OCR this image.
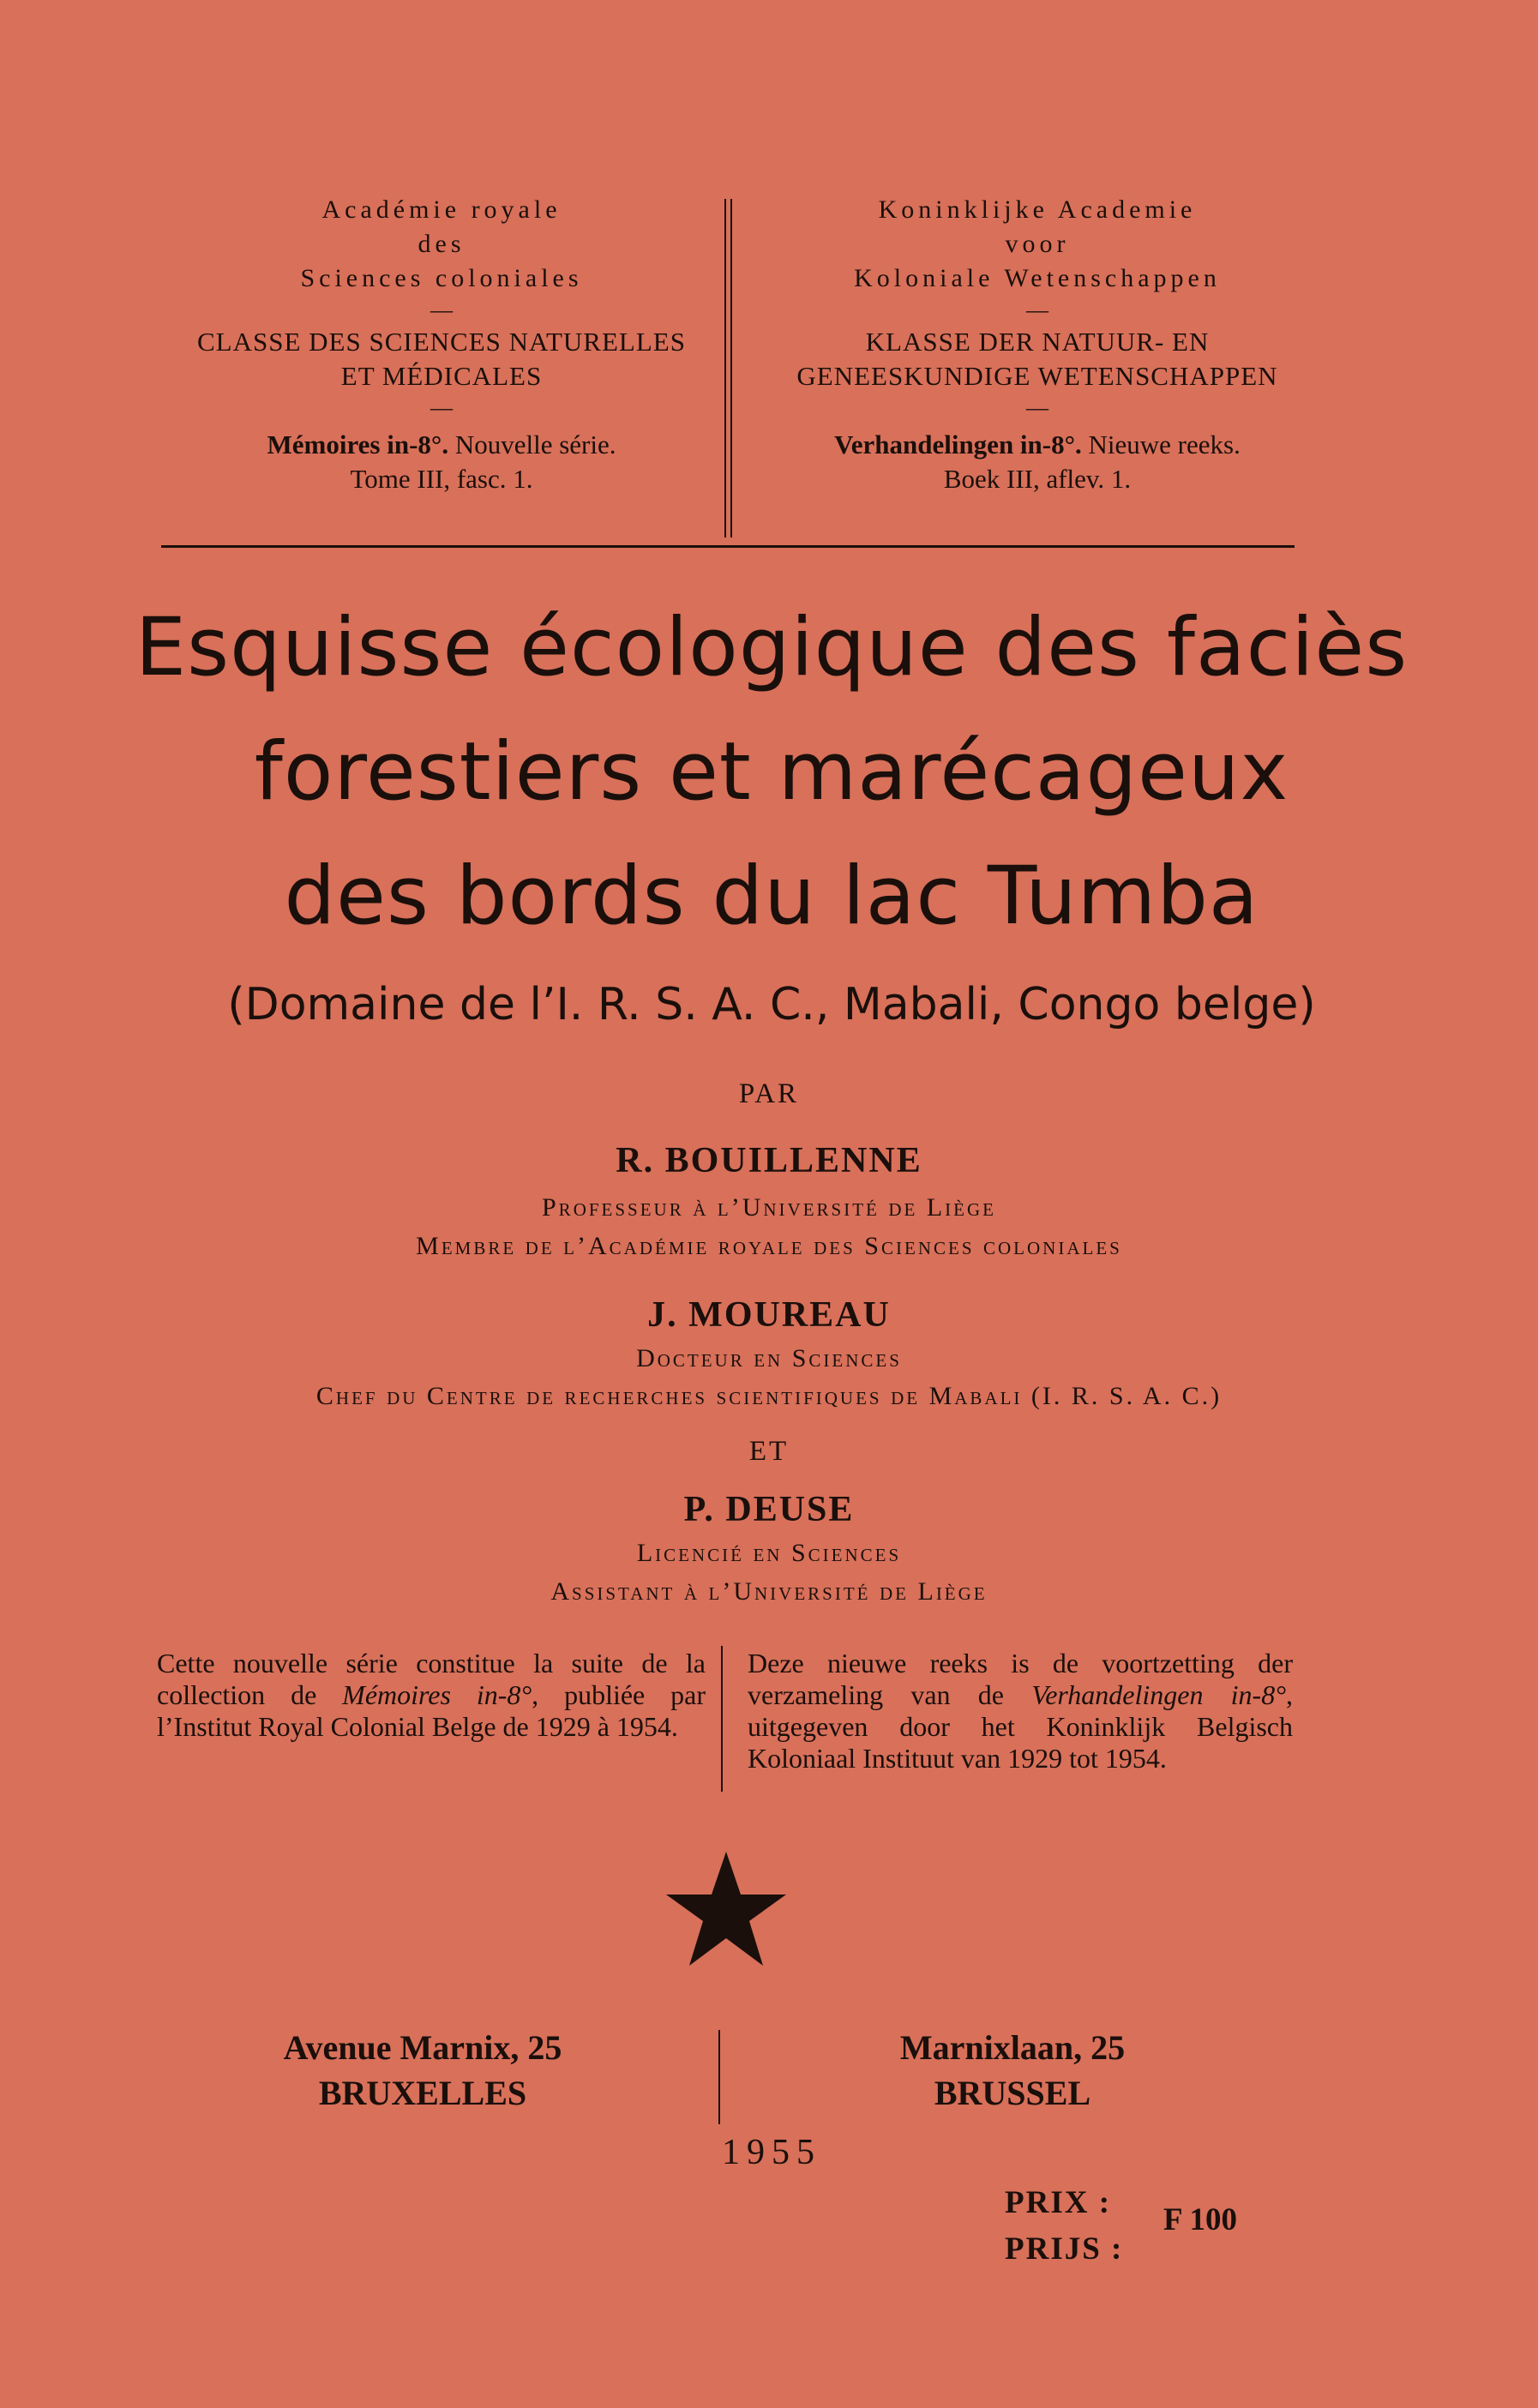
Académie royale
des
Sciences coloniales
—
CLASSE DES SCIENCES NATURELLES
ET MÉDICALES
—
Mémoires in-8°. Nouvelle série.
Tome III, fasc. 1.
Koninklijke Academie
voor
Koloniale Wetenschappen
—
KLASSE DER NATUUR- EN
GENEESKUNDIGE WETENSCHAPPEN
—
Verhandelingen in-8°. Nieuwe reeks.
Boek III, aflev. 1.
Esquisse écologique des faciès
forestiers et marécageux
des bords du lac Tumba
(Domaine de l’I. R. S. A. C., Mabali, Congo belge)
PAR
R. BOUILLENNE
Professeur à l’Université de Liège
Membre de l’Académie royale des Sciences coloniales
J. MOUREAU
Docteur en Sciences
Chef du Centre de recherches scientifiques de Mabali (I. R. S. A. C.)
ET
P. DEUSE
Licencié en Sciences
Assistant à l’Université de Liège
Cette nouvelle série constitue la suite de la collection de Mémoires in-8°, publiée par l’Institut Royal Colonial Belge de 1929 à 1954.
Deze nieuwe reeks is de voortzetting der verzameling van de Verhandelingen in-8°, uitgegeven door het Koninklijk Belgisch Koloniaal Instituut van 1929 tot 1954.
Avenue Marnix, 25
BRUXELLES
Marnixlaan, 25
BRUSSEL
1955
PRIX :
PRIJS :
F 100
